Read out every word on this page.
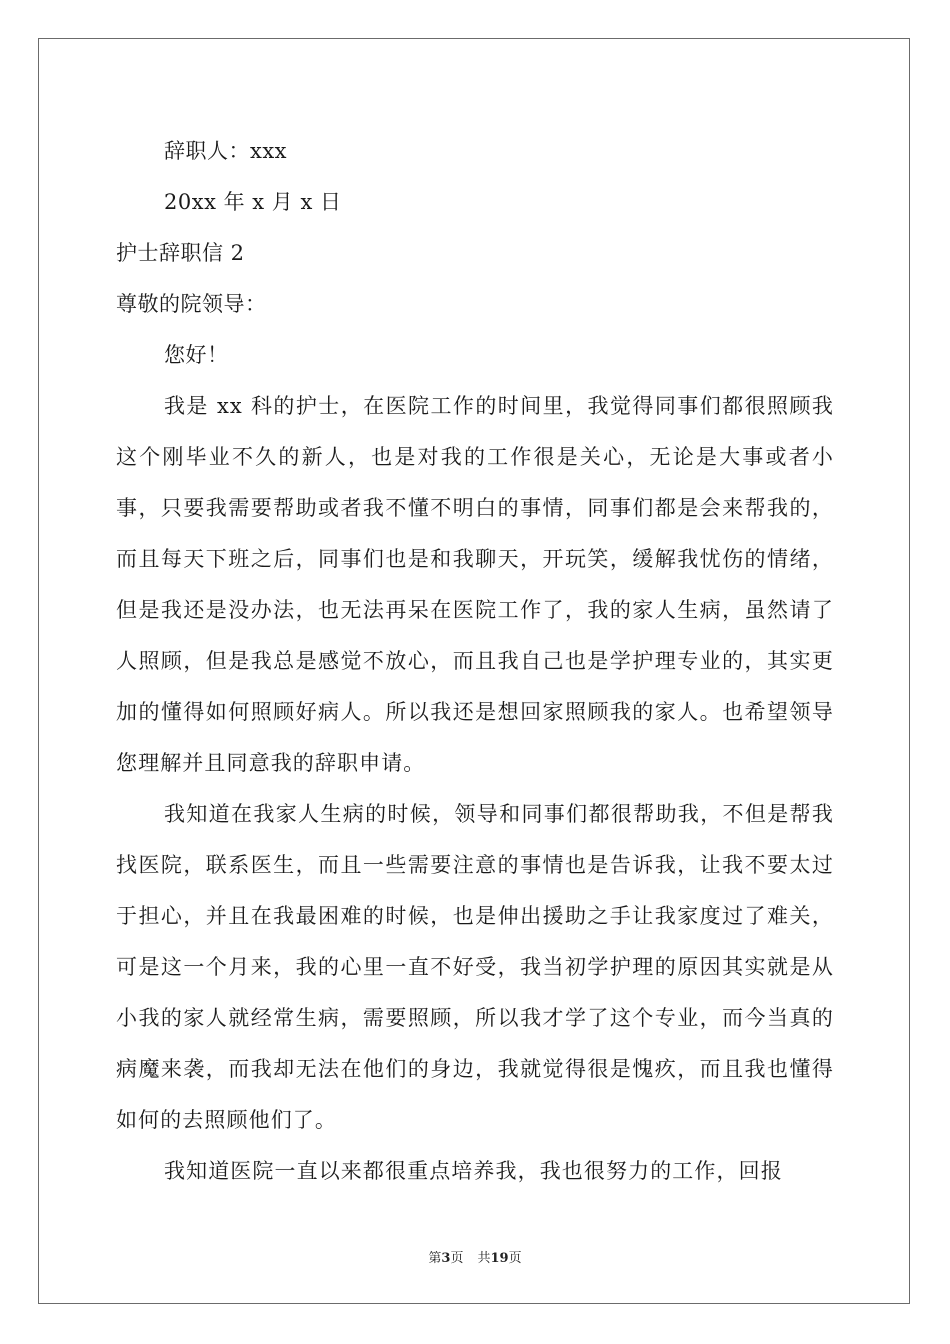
辞职人：xxx
20xx 年 x 月 x 日
护士辞职信 2
尊敬的院领导：
您好！

我是 xx 科的护士，在医院工作的时间里，我觉得同事们都很照顾我这个刚毕业不久的新人，也是对我的工作很是关心，无论是大事或者小事，只要我需要帮助或者我不懂不明白的事情，同事们都是会来帮我的，而且每天下班之后，同事们也是和我聊天，开玩笑，缓解我忧伤的情绪，但是我还是没办法，也无法再呆在医院工作了，我的家人生病，虽然请了人照顾，但是我总是感觉不放心，而且我自己也是学护理专业的，其实更加的懂得如何照顾好病人。所以我还是想回家照顾我的家人。也希望领导您理解并且同意我的辞职申请。

我知道在我家人生病的时候，领导和同事们都很帮助我，不但是帮我找医院，联系医生，而且一些需要注意的事情也是告诉我，让我不要太过于担心，并且在我最困难的时候，也是伸出援助之手让我家度过了难关，可是这一个月来，我的心里一直不好受，我当初学护理的原因其实就是从小我的家人就经常生病，需要照顾，所以我才学了这个专业，而今当真的病魔来袭，而我却无法在他们的身边，我就觉得很是愧疚，而且我也懂得如何的去照顾他们了。

我知道医院一直以来都很重点培养我，我也很努力的工作，回报

第3页 共19页
